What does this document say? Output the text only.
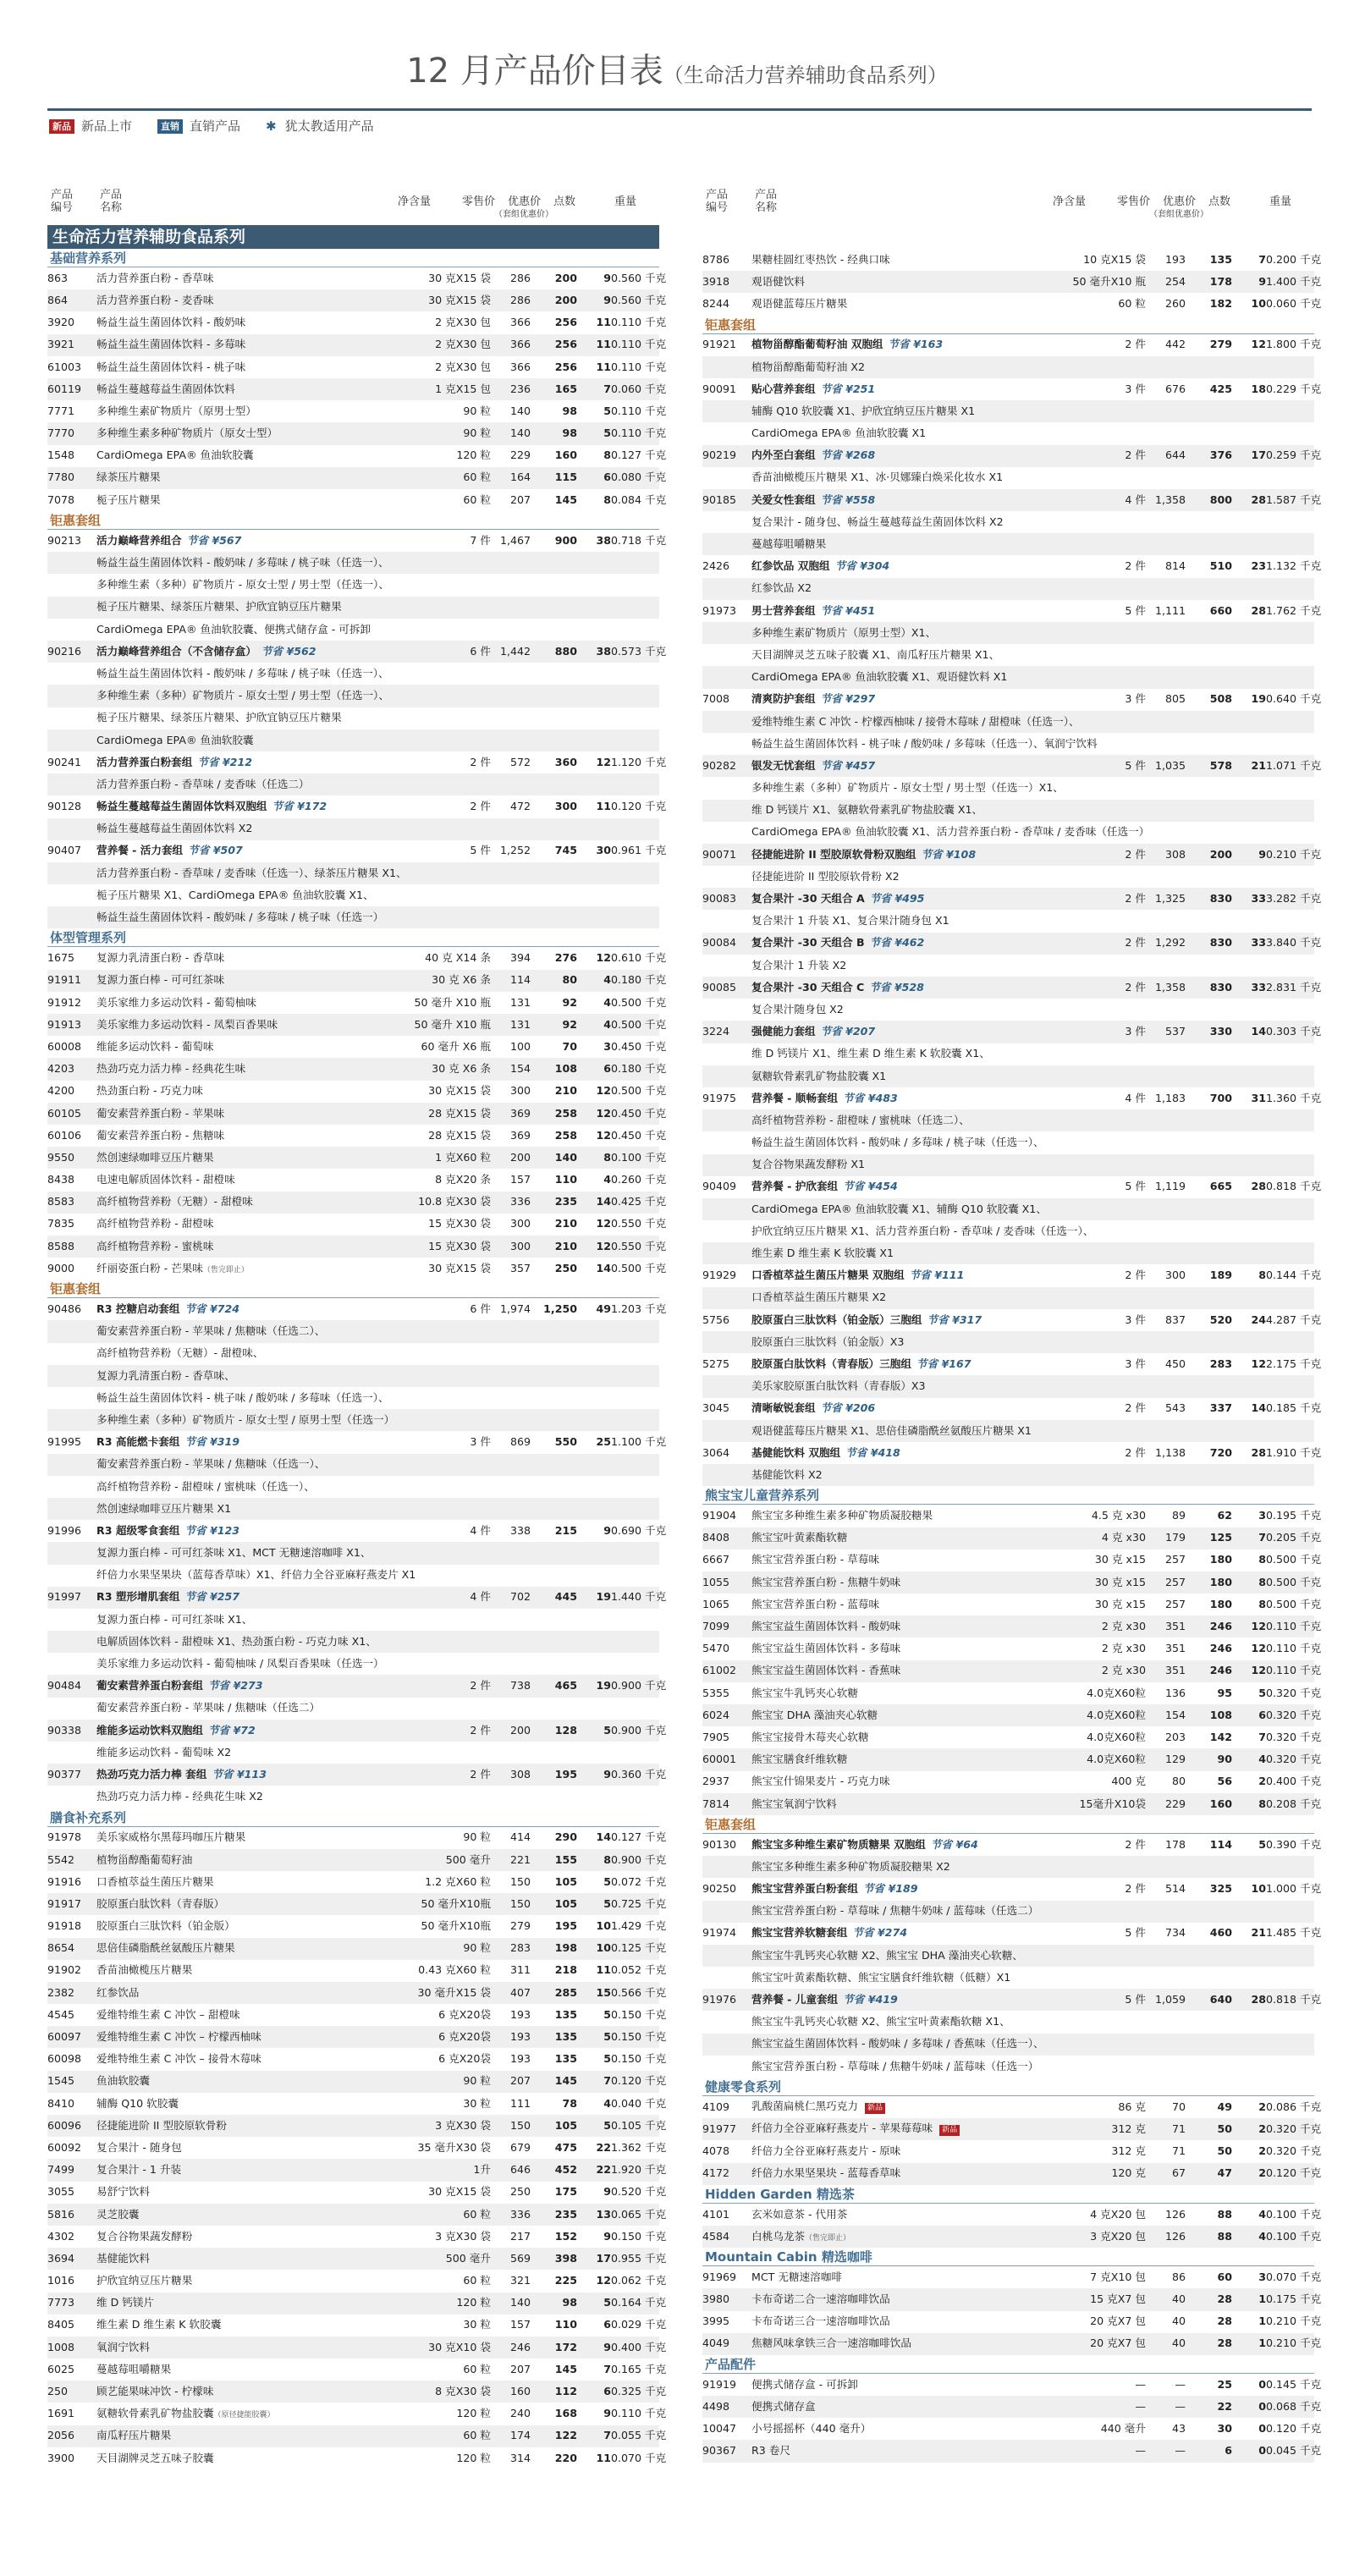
12 月产品价目表（生命活力营养辅助食品系列）
新品 新品上市	直销 直销产品 ✱ 犹太教适用产品
产品
编号
产品
名称	净含量	零售价 优惠价
（套组优惠价）
点数	重量
生命活力营养辅助食品系列
基础营养系列
863	活力营养蛋白粉 - 香草味	30 克X15 袋	286	200	9 0.560 千克
864	活力营养蛋白粉 - 麦香味	30 克X15 袋	286	200	9 0.560 千克
3920	畅益生益生菌固体饮料 - 酸奶味	2 克X30 包	366	256	11 0.110 千克
3921	畅益生益生菌固体饮料 - 多莓味	2 克X30 包	366	256	11 0.110 千克
61003	畅益生益生菌固体饮料 - 桃子味	2 克X30 包	366	256	11 0.110 千克
60119	畅益生蔓越莓益生菌固体饮料	1 克X15 包	236	165	7 0.060 千克
7771	多种维生素矿物质片（原男士型）	90 粒	140	98	5 0.110 千克
7770	多种维生素多种矿物质片（原女士型）	90 粒	140	98	5 0.110 千克
1548	CardiOmega EPA® 鱼油软胶囊	120 粒	229	160	8 0.127 千克
7780	绿茶压片糖果	60 粒	164	115	6 0.080 千克
7078	栀子压片糖果	60 粒	207	145	8 0.084 千克
钜惠套组
90213	活力巅峰营养组合 节省 ¥567	7 件 1,467	900	38 0.718 千克
畅益生益生菌固体饮料 - 酸奶味 / 多莓味 / 桃子味（任选一）、
多种维生素（多种）矿物质片 - 原女士型 / 男士型（任选一）、
栀子压片糖果、绿茶压片糖果、护欣宜钠豆压片糖果
CardiOmega EPA® 鱼油软胶囊、便携式储存盒 - 可拆卸
90216	活力巅峰营养组合（不含储存盒） 节省 ¥562	6 件 1,442	880	38 0.573 千克
畅益生益生菌固体饮料 - 酸奶味 / 多莓味 / 桃子味（任选一）、
多种维生素（多种）矿物质片 - 原女士型 / 男士型（任选一）、
栀子压片糖果、绿茶压片糖果、护欣宜钠豆压片糖果
CardiOmega EPA® 鱼油软胶囊
90241	活力营养蛋白粉套组 节省 ¥212	2 件	572	360	12 1.120 千克
活力营养蛋白粉 - 香草味 / 麦香味（任选二）
90128	畅益生蔓越莓益生菌固体饮料双胞组 节省 ¥172	2 件	472	300	11 0.120 千克
畅益生蔓越莓益生菌固体饮料 X2
90407	营养餐 - 活力套组 节省 ¥507	5 件 1,252	745	30 0.961 千克
活力营养蛋白粉 - 香草味 / 麦香味（任选一）、绿茶压片糖果 X1、
栀子压片糖果 X1、CardiOmega EPA® 鱼油软胶囊 X1、
畅益生益生菌固体饮料 - 酸奶味 / 多莓味 / 桃子味（任选一）
体型管理系列
1675	复源力乳清蛋白粉 - 香草味	40 克 X14 条	394	276	12 0.610 千克
91911	复源力蛋白棒 - 可可红茶味	30 克 X6 条	114	80	4 0.180 千克
91912	美乐家维力多运动饮料 - 葡萄柚味	50 毫升 X10 瓶	131	92	4 0.500 千克
91913	美乐家维力多运动饮料 - 凤梨百香果味	50 毫升 X10 瓶	131	92	4 0.500 千克
60008	维能多运动饮料 - 葡萄味	60 毫升 X6 瓶	100	70	3 0.450 千克
4203	热劲巧克力活力棒 - 经典花生味	30 克 X6 条	154	108	6 0.180 千克
4200	热劲蛋白粉 - 巧克力味	30 克X15 袋	300	210	12 0.500 千克
60105	葡安素营养蛋白粉 - 苹果味	28 克X15 袋	369	258	12 0.450 千克
60106	葡安素营养蛋白粉 - 焦糖味	28 克X15 袋	369	258	12 0.450 千克
9550	然创速绿咖啡豆压片糖果	1 克X60 粒	200	140	8 0.100 千克
8438	电速电解质固体饮料 - 甜橙味	8 克X20 条	157	110	4 0.260 千克
8583	高纤植物营养粉（无糖）- 甜橙味	10.8 克X30 袋	336	235	14 0.425 千克
7835	高纤植物营养粉 - 甜橙味	15 克X30 袋	300	210	12 0.550 千克
8588	高纤植物营养粉 - 蜜桃味	15 克X30 袋	300	210	12 0.550 千克
9000	纤丽姿蛋白粉 - 芒果味（售完即止）	30 克X15 袋	357	250	14 0.500 千克
钜惠套组
90486	R3 控糖启动套组 节省 ¥724	6 件 1,974	1,250	49 1.203 千克
葡安素营养蛋白粉 - 苹果味 / 焦糖味（任选二）、
高纤植物营养粉（无糖）- 甜橙味、
复源力乳清蛋白粉 - 香草味、
畅益生益生菌固体饮料 - 桃子味 / 酸奶味 / 多莓味（任选一）、
多种维生素（多种）矿物质片 - 原女士型 / 原男士型（任选一）
91995	R3 高能燃卡套组 节省 ¥319	3 件	869	550	25 1.100 千克
葡安素营养蛋白粉 - 苹果味 / 焦糖味（任选一）、
高纤植物营养粉 - 甜橙味 / 蜜桃味（任选一）、
然创速绿咖啡豆压片糖果 X1
91996	R3 超级零食套组 节省 ¥123	4 件	338	215	9 0.690 千克
复源力蛋白棒 - 可可红茶味 X1、MCT 无糖速溶咖啡 X1、
纤倍力水果坚果块（蓝莓香草味）X1、纤倍力全谷亚麻籽燕麦片 X1
91997	R3 塑形增肌套组 节省 ¥257	4 件	702	445	19 1.440 千克
复源力蛋白棒 - 可可红茶味 X1、
电解质固体饮料 - 甜橙味 X1、热劲蛋白粉 - 巧克力味 X1、
美乐家维力多运动饮料 - 葡萄柚味 / 凤梨百香果味（任选一）
90484	葡安素营养蛋白粉套组 节省 ¥273	2 件	738	465	19 0.900 千克
葡安素营养蛋白粉 - 苹果味 / 焦糖味（任选二）
90338	维能多运动饮料双胞组 节省 ¥72	2 件	200	128	5 0.900 千克
维能多运动饮料 - 葡萄味 X2
90377	热劲巧克力活力棒 套组 节省 ¥113	2 件	308	195	9 0.360 千克
热劲巧克力活力棒 - 经典花生味 X2
膳食补充系列
91978	美乐家威格尔黑莓玛咖压片糖果	90 粒	414	290	14 0.127 千克
5542	植物甾醇酯葡萄籽油	500 毫升	221	155	8 0.900 千克
91916	口香植萃益生菌压片糖果	1.2 克X60 粒	150	105	5 0.072 千克
91917	胶原蛋白肽饮料（青春版）	50 毫升X10瓶	150	105	5 0.725 千克
91918	胶原蛋白三肽饮料（铂金版）	50 毫升X10瓶	279	195	10 1.429 千克
8654	思倍佳磷脂酰丝氨酸压片糖果	90 粒	283	198	10 0.125 千克
91902	香苗油橄榄压片糖果	0.43 克X60 粒	311	218	11 0.052 千克
2382	红参饮品	30 毫升X15 袋	407	285	15 0.566 千克
4545	爱维特维生素 C 冲饮 – 甜橙味	6 克X20袋	193	135	5 0.150 千克
60097	爱维特维生素 C 冲饮 – 柠檬西柚味	6 克X20袋	193	135	5 0.150 千克
60098	爱维特维生素 C 冲饮 – 接骨木莓味	6 克X20袋	193	135	5 0.150 千克
1545	鱼油软胶囊	90 粒	207	145	7 0.120 千克
8410	辅酶 Q10 软胶囊	30 粒	111	78	4 0.040 千克
60096	径捷能进阶 II 型胶原软骨粉	3 克X30 袋	150	105	5 0.105 千克
60092	复合果汁 - 随身包	35 毫升X30 袋	679	475	22 1.362 千克
7499	复合果汁 - 1 升装	1升	646	452	22 1.920 千克
3055	易舒宁饮料	30 克X15 袋	250	175	9 0.520 千克
5816	灵芝胶囊	60 粒	336	235	13 0.065 千克
4302	复合谷物果蔬发酵粉	3 克X30 袋	217	152	9 0.150 千克
3694	基健能饮料	500 毫升	569	398	17 0.955 千克
1016	护欣宜纳豆压片糖果	60 粒	321	225	12 0.062 千克
7773	维 D 钙镁片	120 粒	140	98	5 0.164 千克
8405	维生素 D 维生素 K 软胶囊	30 粒	157	110	6 0.029 千克
1008	氧润宁饮料	30 克X10 袋	246	172	9 0.400 千克
6025	蔓越莓咀嚼糖果	60 粒	207	145	7 0.165 千克
250	顾艺能果味冲饮 - 柠檬味	8 克X30 袋	160	112	6 0.325 千克
1691	氨糖软骨素乳矿物盐胶囊（原径捷能胶囊）	120 粒	240	168	9 0.110 千克
2056	南瓜籽压片糖果	60 粒	174	122	7 0.055 千克
3900	天目湖牌灵芝五味子胶囊	120 粒	314	220	11 0.070 千克
产品
编号
产品
名称	净含量	零售价 优惠价
（套组优惠价）
点数	重量
8786	果糖桂圆红枣热饮 - 经典口味	10 克X15 袋	193	135	7 0.200 千克
3918	观语健饮料	50 毫升X10 瓶	254	178	9 1.400 千克
8244	观语健蓝莓压片糖果	60 粒	260	182	10 0.060 千克
钜惠套组
91921	植物甾醇酯葡萄籽油 双胞组 节省 ¥163	2 件	442	279	12 1.800 千克
植物甾醇酯葡萄籽油 X2
90091	贴心营养套组 节省 ¥251	3 件	676	425	18 0.229 千克
辅酶 Q10 软胶囊 X1、护欣宜纳豆压片糖果 X1
CardiOmega EPA® 鱼油软胶囊 X1
90219	内外至白套组 节省 ¥268	2 件	644	376	17 0.259 千克
香苗油橄榄压片糖果 X1、冰·贝娜臻白焕采化妆水 X1
90185	关爱女性套组 节省 ¥558	4 件 1,358	800	28 1.587 千克
复合果汁 - 随身包、畅益生蔓越莓益生菌固体饮料 X2
蔓越莓咀嚼糖果
2426	红参饮品 双胞组 节省 ¥304	2 件	814	510	23 1.132 千克
红参饮品 X2
91973	男士营养套组 节省 ¥451	5 件 1,111	660	28 1.762 千克
多种维生素矿物质片（原男士型）X1、
天目湖牌灵芝五味子胶囊 X1、南瓜籽压片糖果 X1、
CardiOmega EPA® 鱼油软胶囊 X1、观语健饮料 X1
7008	清爽防护套组 节省 ¥297	3 件	805	508	19 0.640 千克
爱维特维生素 C 冲饮 - 柠檬西柚味 / 接骨木莓味 / 甜橙味（任选一）、
畅益生益生菌固体饮料 - 桃子味 / 酸奶味 / 多莓味（任选一）、氧润宁饮料
90282	银发无忧套组 节省 ¥457	5 件 1,035	578	21 1.071 千克
多种维生素（多种）矿物质片 - 原女士型 / 男士型（任选一）X1、
维 D 钙镁片 X1、氨糖软骨素乳矿物盐胶囊 X1、
CardiOmega EPA® 鱼油软胶囊 X1、活力营养蛋白粉 - 香草味 / 麦香味（任选一）
90071	径捷能进阶 II 型胶原软骨粉双胞组 节省 ¥108	2 件	308	200	9 0.210 千克
径捷能进阶 II 型胶原软骨粉 X2
90083	复合果汁 -30 天组合 A 节省 ¥495	2 件 1,325	830	33 3.282 千克
复合果汁 1 升装 X1、复合果汁随身包 X1
90084	复合果汁 -30 天组合 B 节省 ¥462	2 件 1,292	830	33 3.840 千克
复合果汁 1 升装 X2
90085	复合果汁 -30 天组合 C 节省 ¥528	2 件 1,358	830	33 2.831 千克
复合果汁随身包 X2
3224	强健能力套组 节省 ¥207	3 件	537	330	14 0.303 千克
维 D 钙镁片 X1、维生素 D 维生素 K 软胶囊 X1、
氨糖软骨素乳矿物盐胶囊 X1
91975	营养餐 - 顺畅套组 节省 ¥483	4 件 1,183	700	31 1.360 千克
高纤植物营养粉 - 甜橙味 / 蜜桃味（任选二）、
畅益生益生菌固体饮料 - 酸奶味 / 多莓味 / 桃子味（任选一）、
复合谷物果蔬发酵粉 X1
90409	营养餐 - 护欣套组 节省 ¥454	5 件 1,119	665	28 0.818 千克
CardiOmega EPA® 鱼油软胶囊 X1、辅酶 Q10 软胶囊 X1、
护欣宜纳豆压片糖果 X1、活力营养蛋白粉 - 香草味 / 麦香味（任选一）、
维生素 D 维生素 K 软胶囊 X1
91929	口香植萃益生菌压片糖果 双胞组 节省 ¥111	2 件	300	189	8 0.144 千克
口香植萃益生菌压片糖果 X2
5756	胶原蛋白三肽饮料（铂金版）三胞组 节省 ¥317	3 件	837	520	24 4.287 千克
胶原蛋白三肽饮料（铂金版）X3
5275	胶原蛋白肽饮料（青春版）三胞组 节省 ¥167	3 件	450	283	12 2.175 千克
美乐家胶原蛋白肽饮料（青春版）X3
3045	清晰敏锐套组 节省 ¥206	2 件	543	337	14 0.185 千克
观语健蓝莓压片糖果 X1、思倍佳磷脂酰丝氨酸压片糖果 X1
3064	基健能饮料 双胞组 节省 ¥418	2 件 1,138	720	28 1.910 千克
基健能饮料 X2
熊宝宝儿童营养系列
91904	熊宝宝多种维生素多种矿物质凝胶糖果	4.5 克 x30	89	62	3 0.195 千克
8408	熊宝宝叶黄素酯软糖	4 克 x30	179	125	7 0.205 千克
6667	熊宝宝营养蛋白粉 - 草莓味	30 克 x15	257	180	8 0.500 千克
1055	熊宝宝营养蛋白粉 - 焦糖牛奶味	30 克 x15	257	180	8 0.500 千克
1065	熊宝宝营养蛋白粉 - 蓝莓味	30 克 x15	257	180	8 0.500 千克
7099	熊宝宝益生菌固体饮料 - 酸奶味	2 克 x30	351	246	12 0.110 千克
5470	熊宝宝益生菌固体饮料 - 多莓味	2 克 x30	351	246	12 0.110 千克
61002	熊宝宝益生菌固体饮料 - 香蕉味	2 克 x30	351	246	12 0.110 千克
5355	熊宝宝牛乳钙夹心软糖	4.0克X60粒	136	95	5 0.320 千克
6024	熊宝宝 DHA 藻油夹心软糖	4.0克X60粒	154	108	6 0.320 千克
7905	熊宝宝接骨木莓夹心软糖	4.0克X60粒	203	142	7 0.320 千克
60001	熊宝宝膳食纤维软糖	4.0克X60粒	129	90	4 0.320 千克
2937	熊宝宝什锦果麦片 - 巧克力味	400 克	80	56	2 0.400 千克
7814	熊宝宝氧润宁饮料	15毫升X10袋	229	160	8 0.208 千克
钜惠套组
90130	熊宝宝多种维生素矿物质糖果 双胞组 节省 ¥64	2 件	178	114	5 0.390 千克
熊宝宝多种维生素多种矿物质凝胶糖果 X2
90250	熊宝宝营养蛋白粉套组 节省 ¥189	2 件	514	325	10 1.000 千克
熊宝宝营养蛋白粉 - 草莓味 / 焦糖牛奶味 / 蓝莓味（任选二）
91974	熊宝宝营养软糖套组 节省 ¥274	5 件	734	460	21 1.485 千克
熊宝宝牛乳钙夹心软糖 X2、熊宝宝 DHA 藻油夹心软糖、
熊宝宝叶黄素酯软糖、熊宝宝膳食纤维软糖（低糖）X1
91976	营养餐 - 儿童套组 节省 ¥419	5 件 1,059	640	28 0.818 千克
熊宝宝牛乳钙夹心软糖 X2、熊宝宝叶黄素酯软糖 X1、
熊宝宝益生菌固体饮料 - 酸奶味 / 多莓味 / 香蕉味（任选一）、
熊宝宝营养蛋白粉 - 草莓味 / 焦糖牛奶味 / 蓝莓味（任选一）
健康零食系列
4109	乳酸菌扁桃仁黑巧克力 新品	86 克	70	49	2 0.086 千克
91977	纤倍力全谷亚麻籽燕麦片 - 苹果莓莓味 新品	312 克	71	50	2 0.320 千克
4078	纤倍力全谷亚麻籽燕麦片 - 原味	312 克	71	50	2 0.320 千克
4172	纤倍力水果坚果块 - 蓝莓香草味	120 克	67	47	2 0.120 千克
Hidden Garden 精选茶
4101	玄米如意茶 - 代用茶	4 克X20 包	126	88	4 0.100 千克
4584	白桃乌龙茶（售完即止）	3 克X20 包	126	88	4 0.100 千克
Mountain Cabin 精选咖啡
91969	MCT 无糖速溶咖啡	7 克X10 包	86	60	3 0.070 千克
3980	卡布奇诺二合一速溶咖啡饮品	15 克X7 包	40	28	1 0.175 千克
3995	卡布奇诺三合一速溶咖啡饮品	20 克X7 包	40	28	1 0.210 千克
4049	焦糖风味拿铁三合一速溶咖啡饮品	20 克X7 包	40	28	1 0.210 千克
产品配件
91919	便携式储存盒 - 可拆卸	—	—	25	0 0.145 千克
4498	便携式储存盒	—	—	22	0 0.068 千克
10047	小号摇摇杯（440 毫升）	440 毫升	43	30	0 0.120 千克
90367	R3 卷尺	—	—	6	0 0.045 千克
